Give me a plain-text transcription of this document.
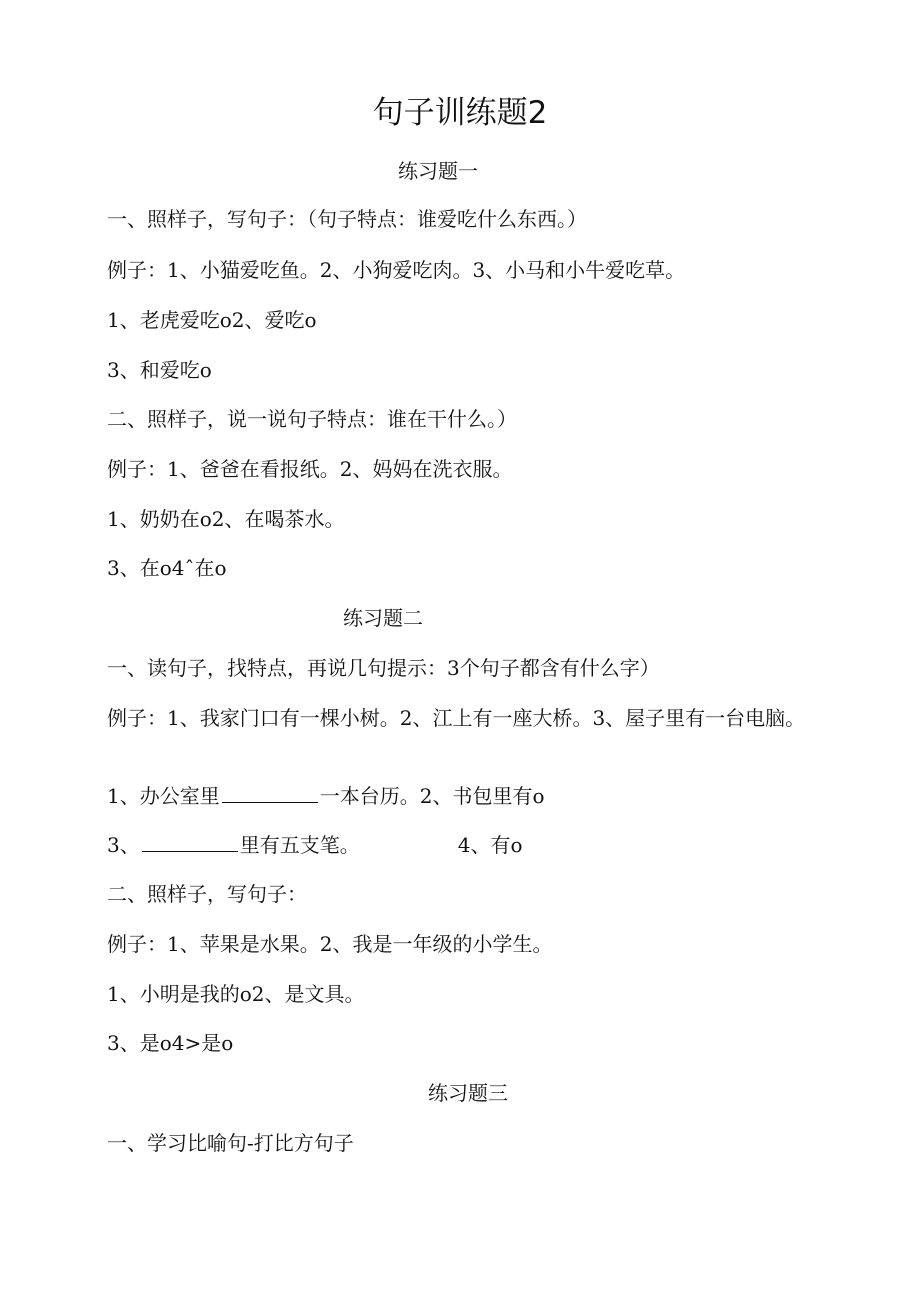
句子训练题2
练习题一
一、照样子，写句子：（句子特点：谁爱吃什么东西。）
例子：1、小猫爱吃鱼。2、小狗爱吃肉。3、小马和小牛爱吃草。
1、老虎爱吃o2、爱吃o
3、和爱吃o
二、照样子，说一说句子特点：谁在干什么。）
例子：1、爸爸在看报纸。2、妈妈在洗衣服。
1、奶奶在o2、在喝茶水。
3、在o4ˆ在o
练习题二
一、读句子，找特点，再说几句提示：3个句子都含有什么字）
例子：1、我家门口有一棵小树。2、江上有一座大桥。3、屋子里有一台电脑。
1、办公室里	一本台历。2、书包里有o
3、	里有五支笔。	4、有o
二、照样子，写句子：
例子：1、苹果是水果。2、我是一年级的小学生。
1、小明是我的o2、是文具。
3、是o4>是o
练习题三
一、学习比喻句-打比方句子
